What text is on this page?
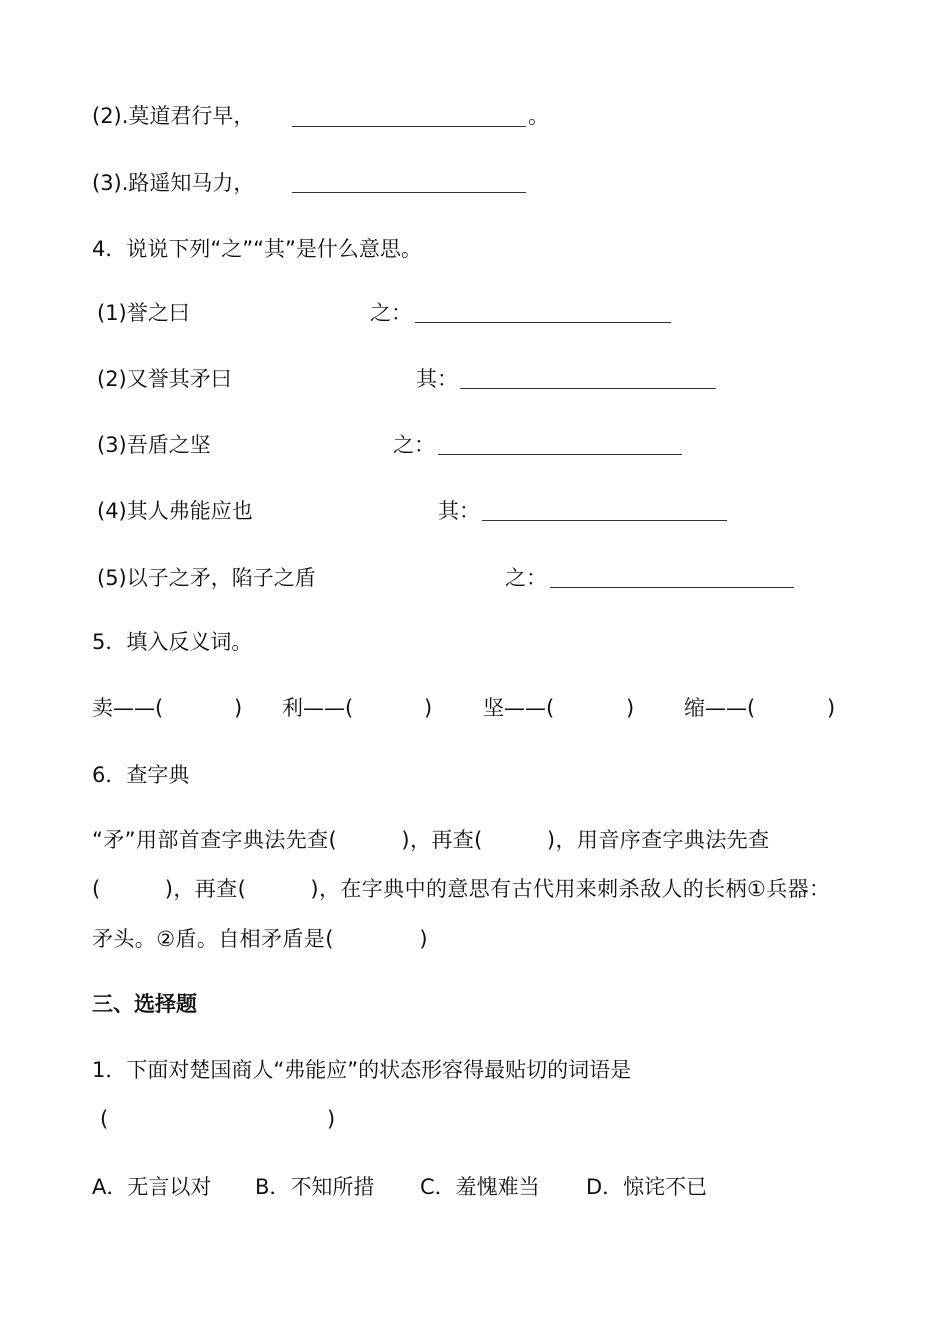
(2).莫道君行早，	。
(3).路遥知马力，
4．说说下列“之”“其”是什么意思。
(1)誉之曰	之：
(2)又誉其矛曰	其：
(3)吾盾之坚	之：
(4)其人弗能应也	其：
(5)以子之矛，陷子之盾	之：
5．填入反义词。
卖——(	) 利——(	) 坚——(	) 缩——(	)
6．查字典
“矛”用部首查字典法先查(　　　)，再查(　　　)，用音序查字典法先查
(　　　)，再查(　　　)，在字典中的意思有古代用来刺杀敌人的长柄①兵器：
矛头。②盾。自相矛盾是(　　　　)
三、选择题
1．下面对楚国商人“弗能应”的状态形容得最贴切的词语是
(	)
A．无言以对 B．不知所措 C．羞愧难当 D．惊诧不已
